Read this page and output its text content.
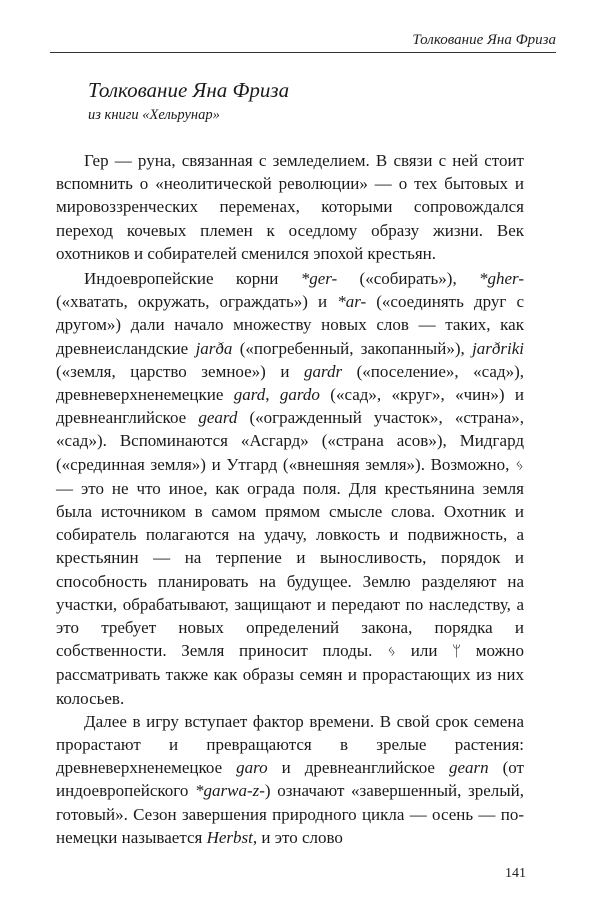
Толкование Яна Фриза
Толкование Яна Фриза
из книги «Хельрунар»

Гер — руна, связанная с земледелием. В связи с ней стоит вспомнить о «неолитической революции» — о тех бытовых и мировоззренческих переменах, которыми сопровождался переход кочевых племен к оседлому образу жизни. Век охотников и собирателей сменился эпохой крестьян.

Индоевропейские корни *ger- («собирать»), *gher- («хватать, окружать, ограждать») и *ar- («соединять друг с другом») дали начало множеству новых слов — таких, как древнеисландские jarða («погребенный, закопанный»), jarðriki («земля, царство земное») и gardr («поселение», «сад»), древневерхненемецкие gard, gardo («сад», «круг», «чин») и древнеанглийское geard («огражденный участок», «страна», «сад»). Вспоминаются «Асгард» («страна асов»), Мидгард («срединная земля») и Утгард («внешняя земля»). Возможно, ᛃ — это не что иное, как ограда поля. Для крестьянина земля была источником в самом прямом смысле слова. Охотник и собиратель полагаются на удачу, ловкость и подвижность, а крестьянин — на терпение и выносливость, порядок и способность планировать на будущее. Землю разделяют на участки, обрабатывают, защищают и передают по наследству, а это требует новых определений закона, порядка и собственности. Земля приносит плоды. ᛃ или ᛘ можно рассматривать также как образы семян и прорастающих из них колосьев.

Далее в игру вступает фактор времени. В свой срок семена прорастают и превращаются в зрелые растения: древневерхненемецкое garo и древнеанглийское gearn (от индоевропейского *garwa-z-) означают «завершенный, зрелый, готовый». Сезон завершения природного цикла — осень — по-немецки называется Herbst, и это слово

141
